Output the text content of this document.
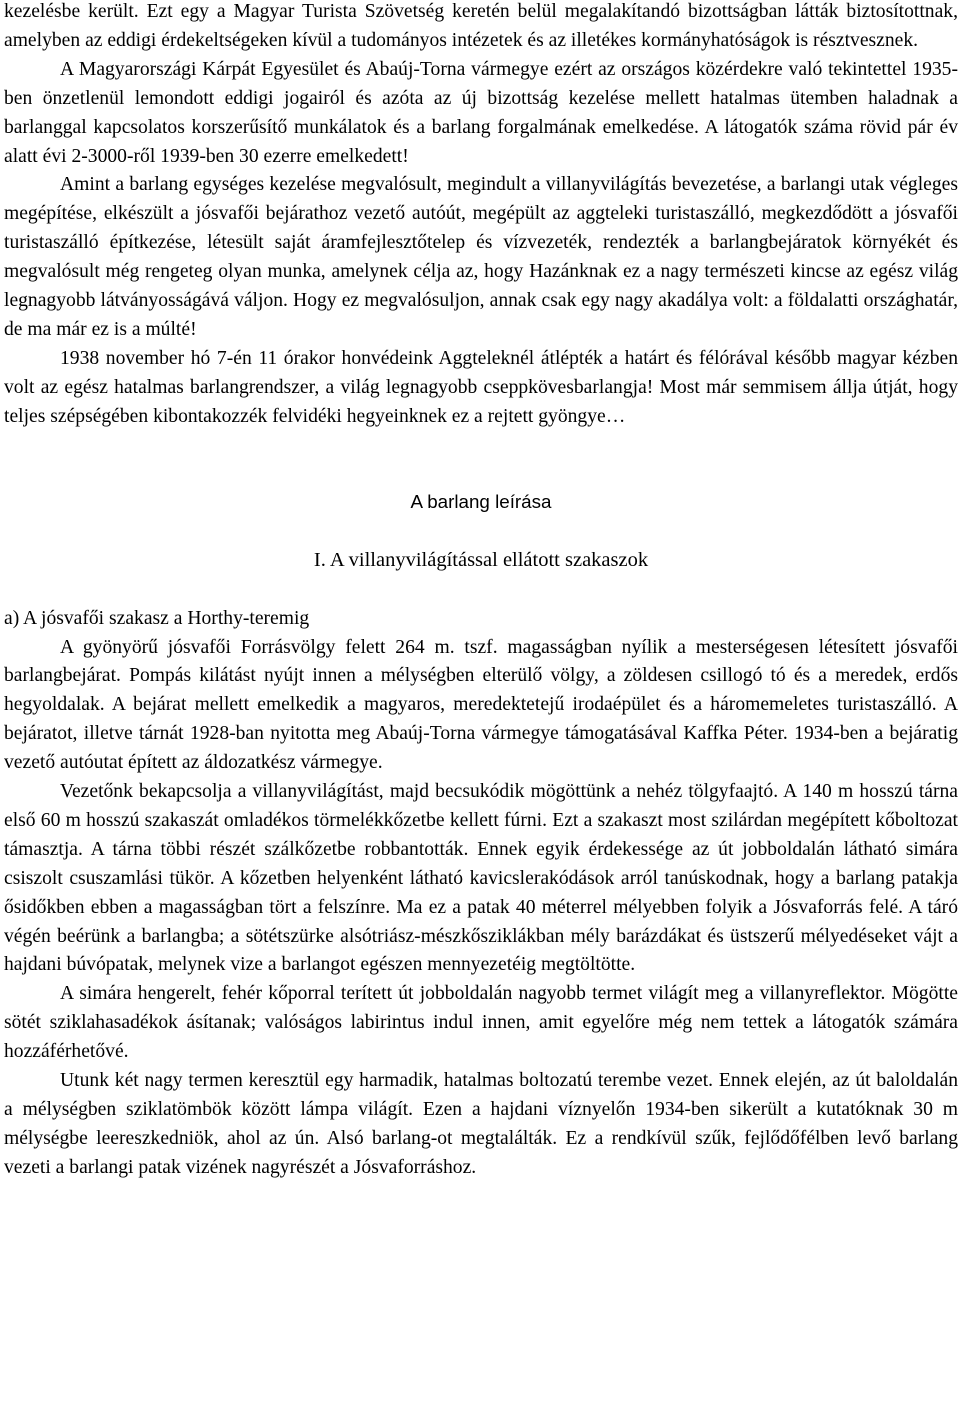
kezelésbe került. Ezt egy a Magyar Turista Szövetség keretén belül megalakítandó bizottságban látták biztosítottnak, amelyben az eddigi érdekeltségeken kívül a tudományos intézetek és az illetékes kormányhatóságok is résztvesznek.

A Magyarországi Kárpát Egyesület és Abaúj-Torna vármegye ezért az országos közérdekre való tekintettel 1935-ben önzetlenül lemondott eddigi jogairól és azóta az új bizottság kezelése mellett hatalmas ütemben haladnak a barlanggal kapcsolatos korszerűsítő munkálatok és a barlang forgalmának emelkedése. A látogatók száma rövid pár év alatt évi 2-3000-ről 1939-ben 30 ezerre emelkedett!

Amint a barlang egységes kezelése megvalósult, megindult a villanyvilágítás bevezetése, a barlangi utak végleges megépítése, elkészült a jósvafői bejárathoz vezető autóút, megépült az aggteleki turistaszálló, megkezdődött a jósvafői turistaszálló építkezése, létesült saját áramfejlesztőtelep és vízvezeték, rendezték a barlangbejáratok környékét és megvalósult még rengeteg olyan munka, amelynek célja az, hogy Hazánknak ez a nagy természeti kincse az egész világ legnagyobb látványosságává váljon. Hogy ez megvalósuljon, annak csak egy nagy akadálya volt: a földalatti országhatár, de ma már ez is a múlté!

1938 november hó 7-én 11 órakor honvédeink Aggteleknél átlépték a határt és félórával később magyar kézben volt az egész hatalmas barlangrendszer, a világ legnagyobb cseppkövesbarlangja! Most már semmisem állja útját, hogy teljes szépségében kibontakozzék felvidéki hegyeinknek ez a rejtett gyöngye…

A barlang leírása
I. A villanyvilágítással ellátott szakaszok

a) A jósvafői szakasz a Horthy-teremig

A gyönyörű jósvafői Forrásvölgy felett 264 m. tszf. magasságban nyílik a mesterségesen létesített jósvafői barlangbejárat. Pompás kilátást nyújt innen a mélységben elterülő völgy, a zöldesen csillogó tó és a meredek, erdős hegyoldalak. A bejárat mellett emelkedik a magyaros, meredektetejű irodaépület és a háromemeletes turistaszálló. A bejáratot, illetve tárnát 1928-ban nyitotta meg Abaúj-Torna vármegye támogatásával Kaffka Péter. 1934-ben a bejáratig vezető autóutat épített az áldozatkész vármegye.

Vezetőnk bekapcsolja a villanyvilágítást, majd becsukódik mögöttünk a nehéz tölgyfaajtó. A 140 m hosszú tárna első 60 m hosszú szakaszát omladékos törmelékkőzetbe kellett fúrni. Ezt a szakaszt most szilárdan megépített kőboltozat támasztja. A tárna többi részét szálkőzetbe robbantották. Ennek egyik érdekessége az út jobboldalán látható simára csiszolt csuszamlási tükör. A kőzetben helyenként látható kavicslerakódások arról tanúskodnak, hogy a barlang patakja ősidőkben ebben a magasságban tört a felszínre. Ma ez a patak 40 méterrel mélyebben folyik a Jósvaforrás felé. A táró végén beérünk a barlangba; a sötétszürke alsótriász-mészkősziklákban mély barázdákat és üstszerű mélyedéseket vájt a hajdani búvópatak, melynek vize a barlangot egészen mennyezetéig megtöltötte.

A simára hengerelt, fehér kőporral terített út jobboldalán nagyobb termet világít meg a villanyreflektor. Mögötte sötét sziklahasadékok ásítanak; valóságos labirintus indul innen, amit egyelőre még nem tettek a látogatók számára hozzáférhetővé.

Utunk két nagy termen keresztül egy harmadik, hatalmas boltozatú terembe vezet. Ennek elején, az út baloldalán a mélységben sziklatömbök között lámpa világít. Ezen a hajdani víznyelőn 1934-ben sikerült a kutatóknak 30 m mélységbe leereszkedniök, ahol az ún. Alsó barlang-ot megtalálták. Ez a rendkívül szűk, fejlődőfélben levő barlang vezeti a barlangi patak vizének nagyrészét a Jósvaforráshoz.
